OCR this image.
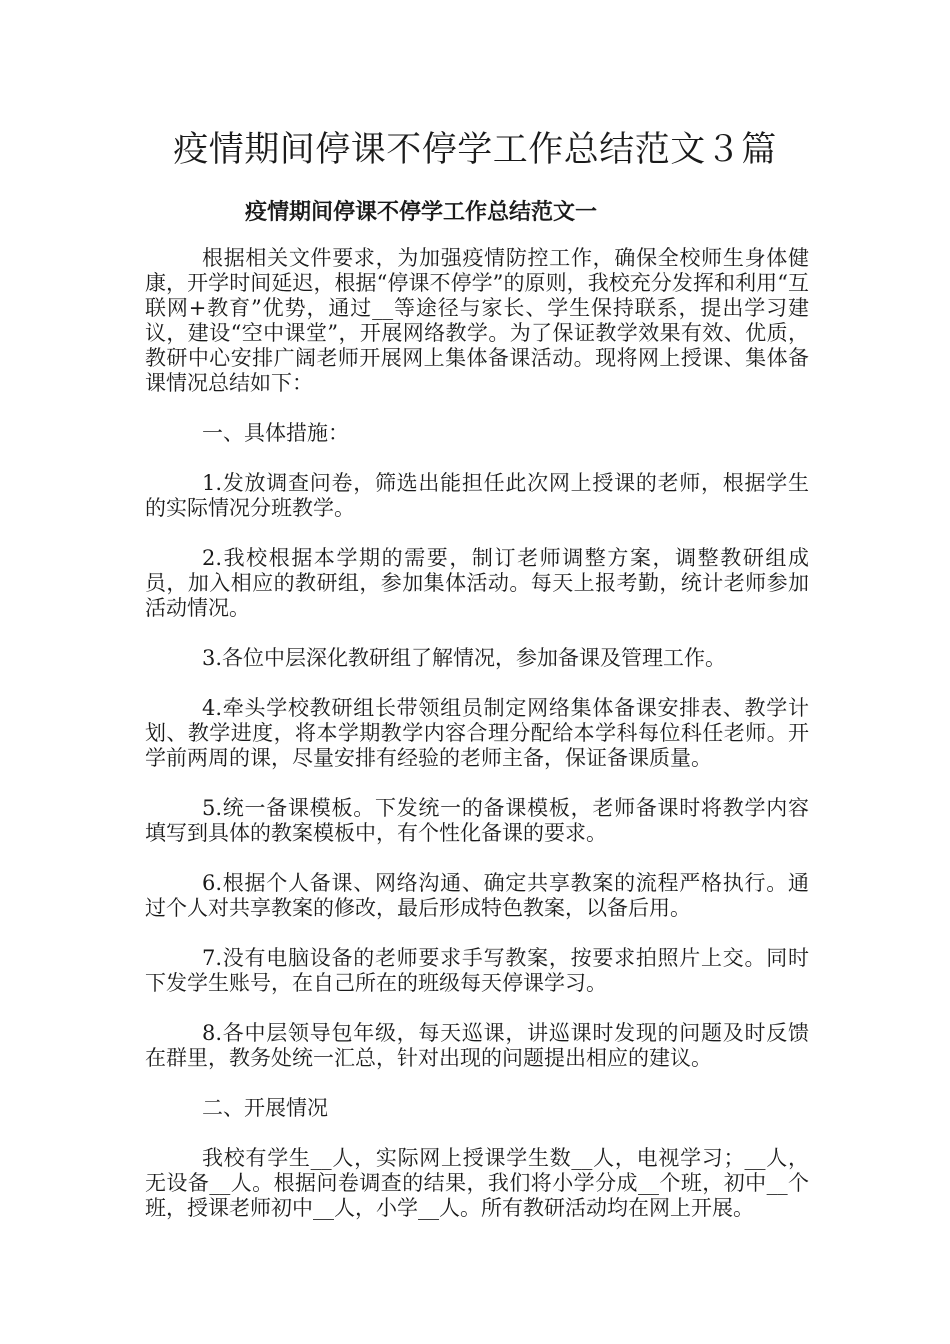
疫情期间停课不停学工作总结范文３篇
疫情期间停课不停学工作总结范文一

根据相关文件要求，为加强疫情防控工作，确保全校师生身体健康，开学时间延迟，根据“停课不停学”的原则，我校充分发挥和利用“互联网+教育”优势，通过__等途径与家长、学生保持联系，提出学习建议，建设“空中课堂”，开展网络教学。为了保证教学效果有效、优质，教研中心安排广阔老师开展网上集体备课活动。现将网上授课、集体备课情况总结如下：

一、具体措施：

1.发放调查问卷，筛选出能担任此次网上授课的老师，根据学生的实际情况分班教学。

2.我校根据本学期的需要，制订老师调整方案，调整教研组成员，加入相应的教研组，参加集体活动。每天上报考勤，统计老师参加活动情况。

3.各位中层深化教研组了解情况，参加备课及管理工作。

4.牵头学校教研组长带领组员制定网络集体备课安排表、教学计划、教学进度，将本学期教学内容合理分配给本学科每位科任老师。开学前两周的课，尽量安排有经验的老师主备，保证备课质量。

5.统一备课模板。下发统一的备课模板，老师备课时将教学内容填写到具体的教案模板中，有个性化备课的要求。

6.根据个人备课、网络沟通、确定共享教案的流程严格执行。通过个人对共享教案的修改，最后形成特色教案，以备后用。

7.没有电脑设备的老师要求手写教案，按要求拍照片上交。同时下发学生账号，在自己所在的班级每天停课学习。

8.各中层领导包年级，每天巡课，讲巡课时发现的问题及时反馈在群里，教务处统一汇总，针对出现的问题提出相应的建议。

二、开展情况

我校有学生__人，实际网上授课学生数__人，电视学习；__人，无设备__人。根据问卷调查的结果，我们将小学分成__个班，初中__个班，授课老师初中__人，小学__人。所有教研活动均在网上开展。
